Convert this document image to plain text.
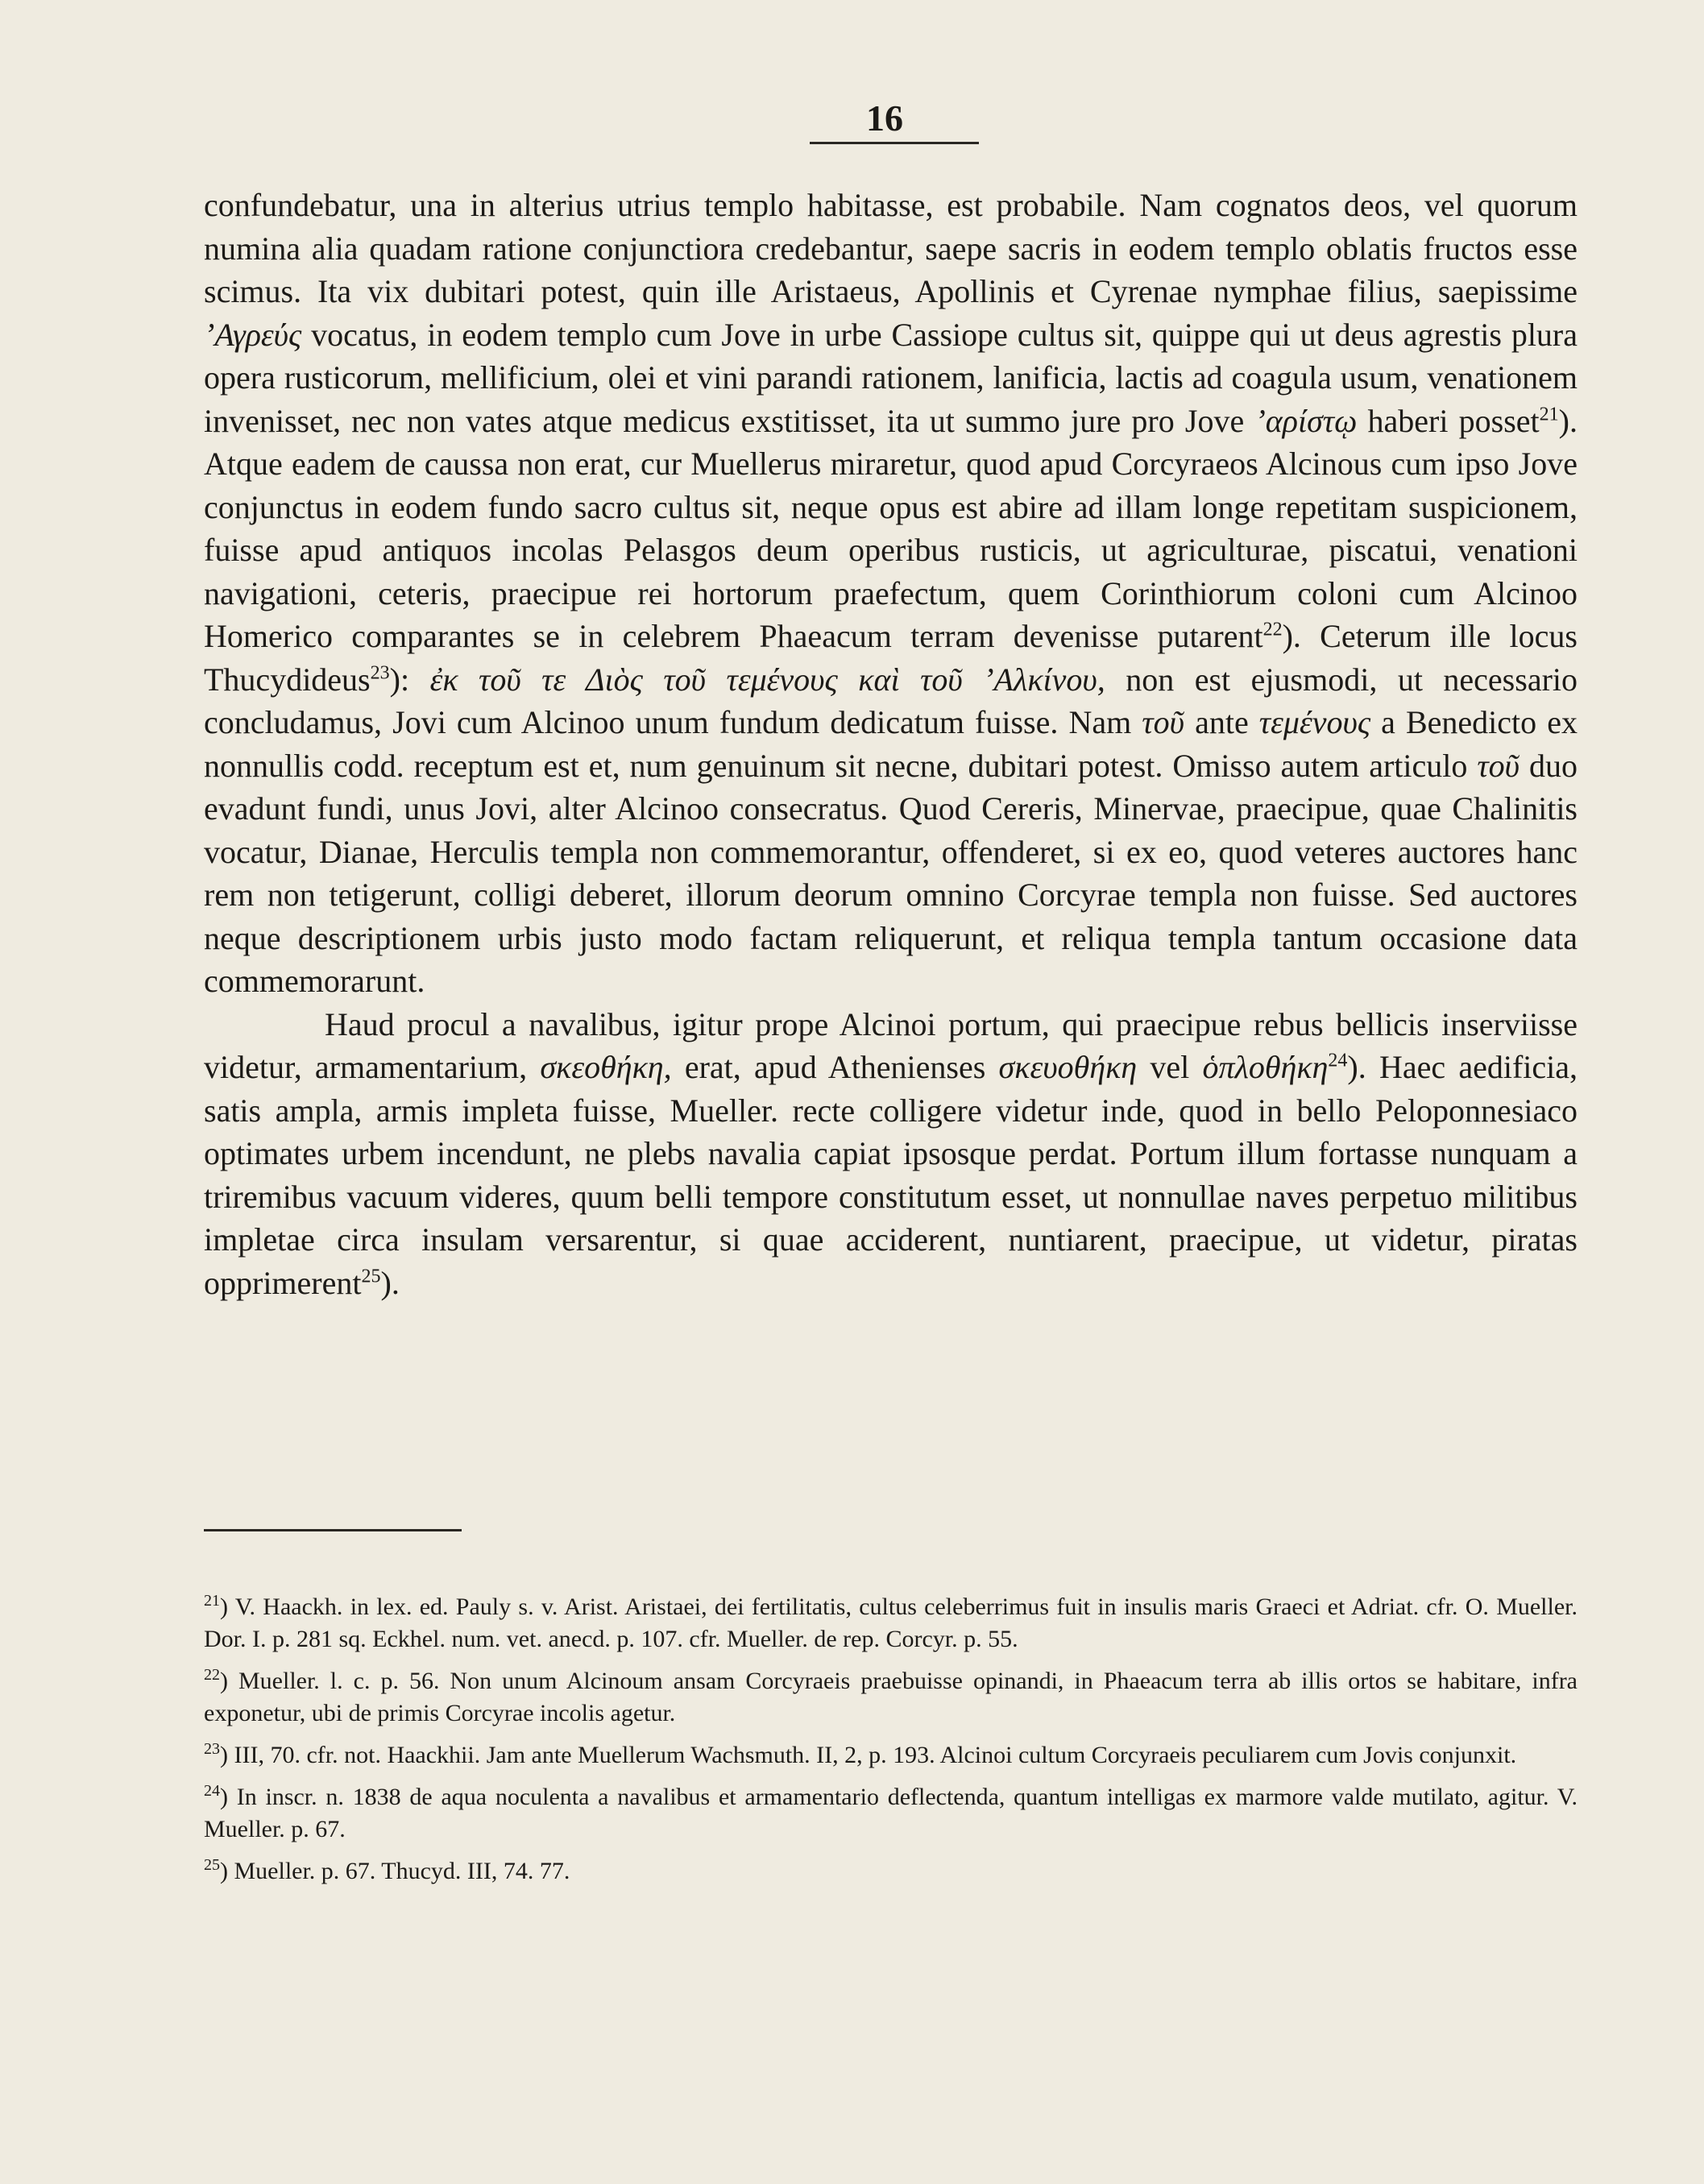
16

confundebatur, una in alterius utrius templo habitasse, est probabile. Nam cognatos deos, vel quorum numina alia quadam ratione conjunctiora credebantur, saepe sacris in eodem templo oblatis fructos esse scimus. Ita vix dubitari potest, quin ille Aristaeus, Apollinis et Cyrenae nymphae filius, saepissime ʼΑγρεύς vocatus, in eodem templo cum Jove in urbe Cassiope cultus sit, quippe qui ut deus agrestis plura opera rusticorum, mellificium, olei et vini parandi rationem, lanificia, lactis ad coagula usum, venationem invenisset, nec non vates atque medicus exstitisset, ita ut summo jure pro Jove ʼαρίστῳ haberi posset$^{21}$). Atque eadem de caussa non erat, cur Muellerus miraretur, quod apud Corcyraeos Alcinous cum ipso Jove conjunctus in eodem fundo sacro cultus sit, neque opus est abire ad illam longe repetitam suspicionem, fuisse apud antiquos incolas Pelasgos deum operibus rusticis, ut agriculturae, piscatui, venationi navigationi, ceteris, praecipue rei hortorum praefectum, quem Corinthiorum coloni cum Alcinoo Homerico comparantes se in celebrem Phaeacum terram devenisse putarent$^{22}$). Ceterum ille locus Thucydideus$^{23}$): ἐκ τοῦ τε Διὸς τοῦ τεμένους καὶ τοῦ ʼΑλκίνου, non est ejusmodi, ut necessario concludamus, Jovi cum Alcinoo unum fundum dedicatum fuisse. Nam τοῦ ante τεμένους a Benedicto ex nonnullis codd. receptum est et, num genuinum sit necne, dubitari potest. Omisso autem articulo τοῦ duo evadunt fundi, unus Jovi, alter Alcinoo consecratus. Quod Cereris, Minervae, praecipue, quae Chalinitis vocatur, Dianae, Herculis templa non commemorantur, offenderet, si ex eo, quod veteres auctores hanc rem non tetigerunt, colligi deberet, illorum deorum omnino Corcyrae templa non fuisse. Sed auctores neque descriptionem urbis justo modo factam reliquerunt, et reliqua templa tantum occasione data commemorarunt.

Haud procul a navalibus, igitur prope Alcinoi portum, qui praecipue rebus bellicis inserviisse videtur, armamentarium, σκεοθήκη, erat, apud Athenienses σκευοθήκη vel ὁπλοθήκη$^{24}$). Haec aedificia, satis ampla, armis impleta fuisse, Mueller. recte colligere videtur inde, quod in bello Peloponnesiaco optimates urbem incendunt, ne plebs navalia capiat ipsosque perdat. Portum illum fortasse nunquam a triremibus vacuum videres, quum belli tempore constitutum esset, ut nonnullae naves perpetuo militibus impletae circa insulam versarentur, si quae acciderent, nuntiarent, praecipue, ut videtur, piratas opprimerent$^{25}$).

$^{21}$) V. Haackh. in lex. ed. Pauly s. v. Arist. Aristaei, dei fertilitatis, cultus celeberrimus fuit in insulis maris Graeci et Adriat. cfr. O. Mueller. Dor. I. p. 281 sq. Eckhel. num. vet. anecd. p. 107. cfr. Mueller. de rep. Corcyr. p. 55.

$^{22}$) Mueller. l. c. p. 56. Non unum Alcinoum ansam Corcyraeis praebuisse opinandi, in Phaeacum terra ab illis ortos se habitare, infra exponetur, ubi de primis Corcyrae incolis agetur.

$^{23}$) III, 70. cfr. not. Haackhii. Jam ante Muellerum Wachsmuth. II, 2, p. 193. Alcinoi cultum Corcyraeis peculiarem cum Jovis conjunxit.

$^{24}$) In inscr. n. 1838 de aqua noculenta a navalibus et armamentario deflectenda, quantum intelligas ex marmore valde mutilato, agitur. V. Mueller. p. 67.

$^{25}$) Mueller. p. 67. Thucyd. III, 74. 77.
